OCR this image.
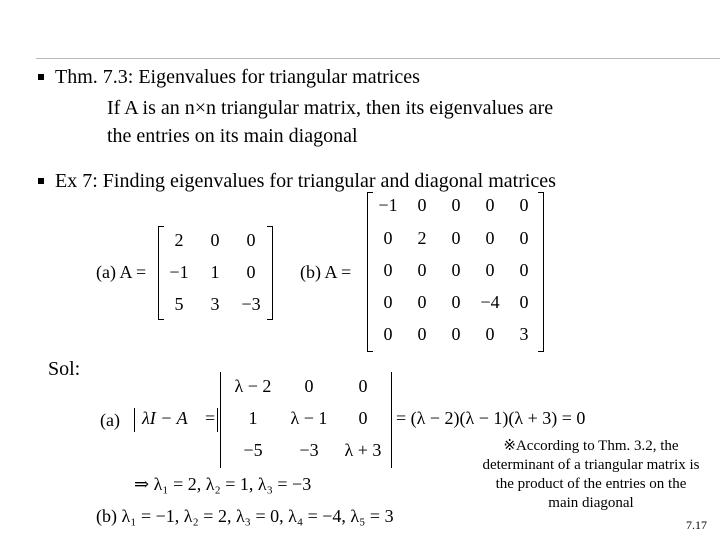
Thm. 7.3: Eigenvalues for triangular matrices
If A is an n×n triangular matrix, then its eigenvalues are
the entries on its main diagonal
Ex 7: Finding eigenvalues for triangular and diagonal matrices
(a) A =
2	0	0
−1	1	0
5	3	−3
(b) A =
−1	0	0	0	0
0	2	0	0	0
0	0	0	0	0
0	0	0	−4	0
0	0	0	0	3
Sol:
(a) λI − A =
λ − 2	0	0
1	λ − 1	0
−5	−3	λ + 3
= (λ − 2)(λ − 1)(λ + 3) = 0
⇒ λ₁ = 2, λ₂ = 1, λ₃ = −3
(b) λ₁ = −1, λ₂ = 2, λ₃ = 0, λ₄ = −4, λ₅ = 3
※According to Thm. 3.2, the determinant of a triangular matrix is the product of the entries on the main diagonal
7.17
